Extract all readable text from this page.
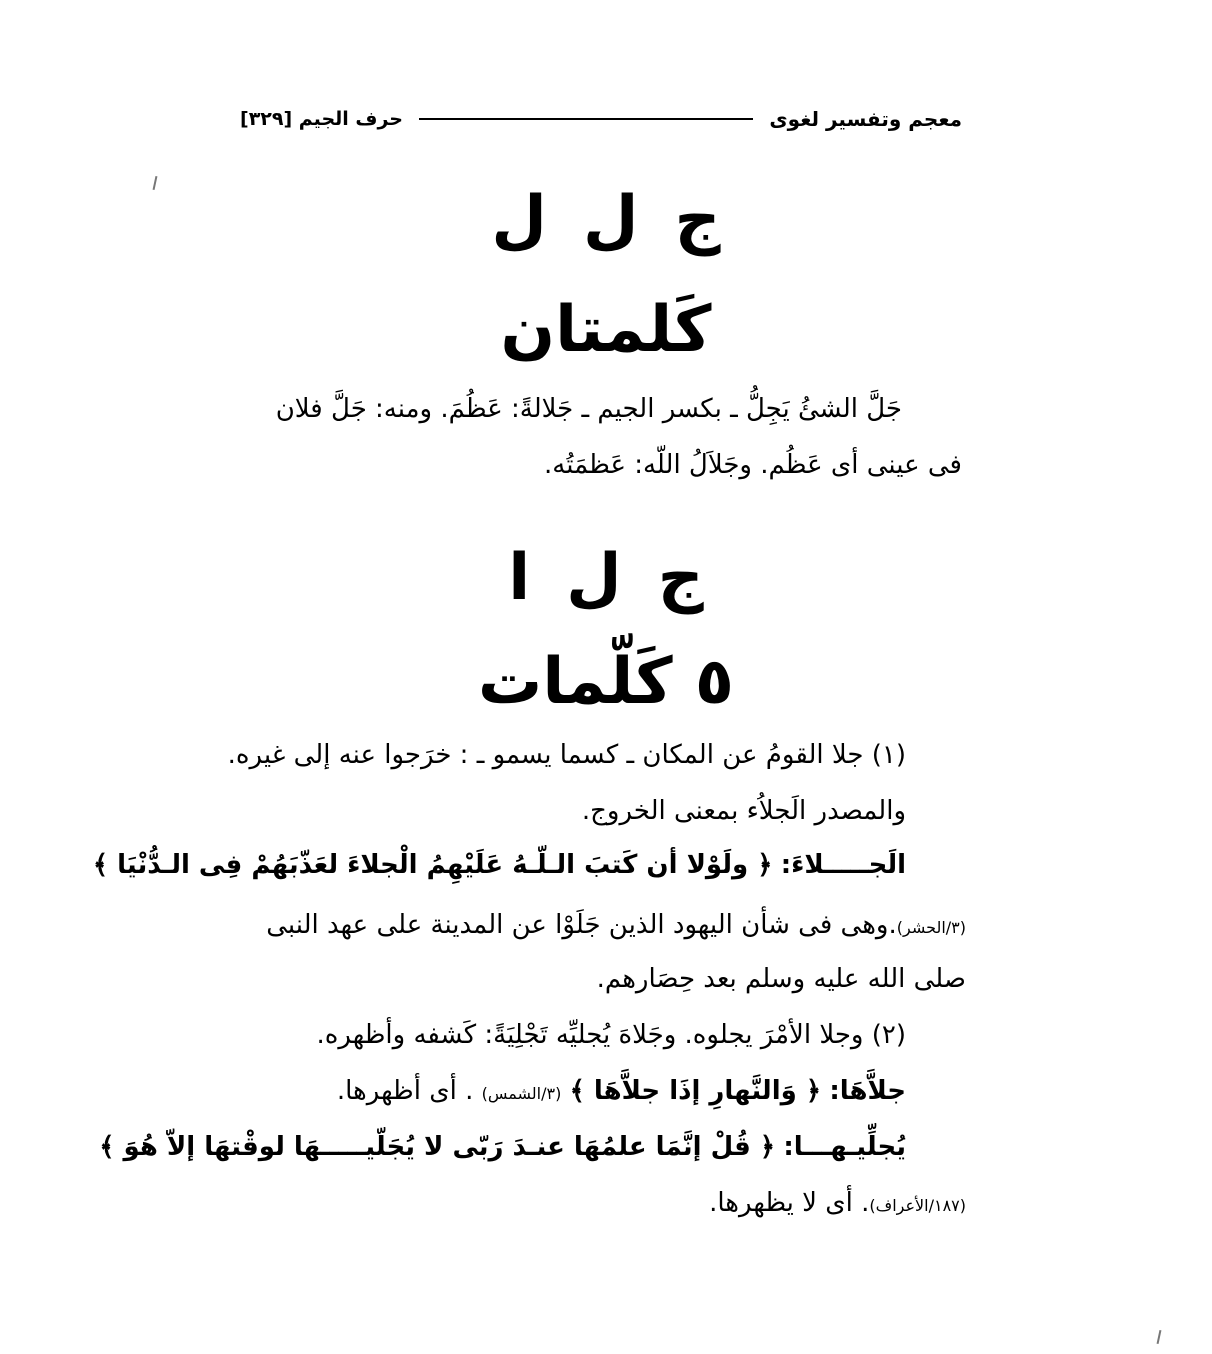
معجم وتفسير لغوى
حرف الجيم [٣٢٩]
جلل
كَلمتان
جَلَّ الشئُ يَجِلُّ ـ بكسر الجيم ـ جَلالةً: عَظُمَ. ومنه: جَلَّ فلان
فى عينى أى عَظُم. وجَلاَلُ اللّه: عَظمَتُه.
جلا
٥ كَلّمات
(١) جلا القومُ عن المكان ـ كسما يسمو ـ : خرَجوا عنه إلى غيره.
والمصدر الَجلاُء بمعنى الخروج.
الَجـــــلاءَ: ﴿ ولَوْلا أن كَتبَ الـلّـهُ عَلَيْهِمُ الْجلاءَ لعَذّبَهُمْ فِى الـدُّنْيَا ﴾
(٣/الحشر).وهى فى شأن اليهود الذين جَلَوْا عن المدينة على عهد النبى
صلى الله عليه وسلم بعد حِصَارهم.
(٢) وجلا الأمْرَ يجلوه. وجَلاهَ يُجليِّه تَجْلِيَةً: كَشفه وأظهره.
جلاَّهَا: ﴿ وَالنَّهارِ إذَا جلاَّهَا ﴾ (٣/الشمس) . أى أظهرها.
يُجلِّيـهـــا: ﴿ قُلْ إنَّمَا علمُهَا عنـدَ رَبّى لا يُجَلّيـــــهَا لوقْتهَا إلاّ هُوَ ﴾
(١٨٧/الأعراف). أى لا يظهرها.
